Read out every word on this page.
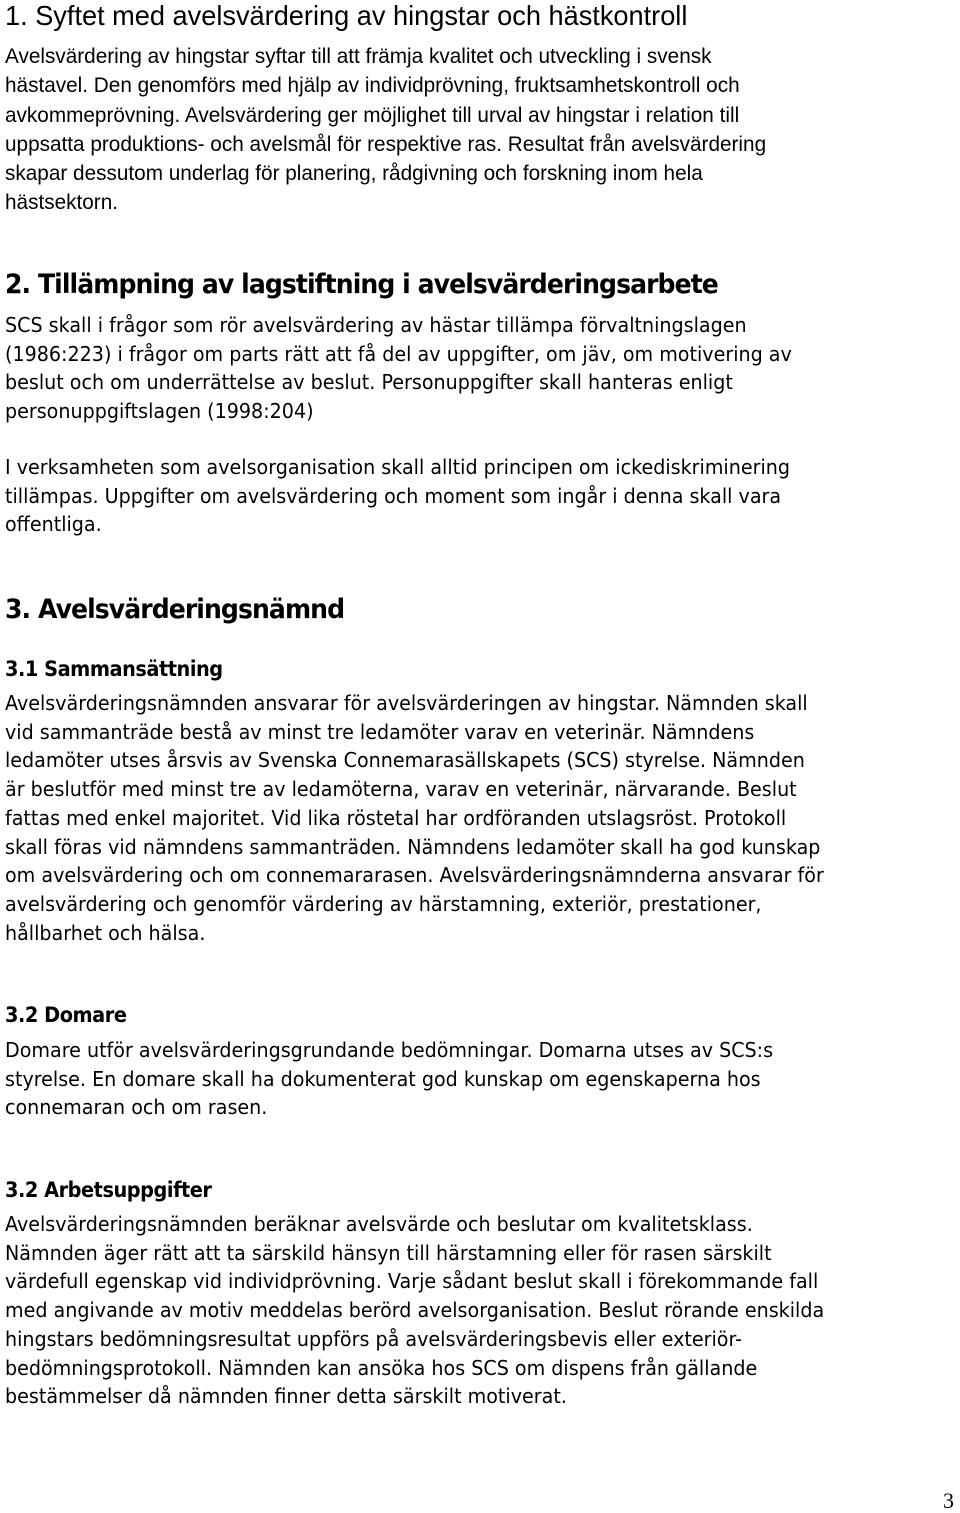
1. Syftet med avelsvärdering av hingstar och hästkontroll
Avelsvärdering av hingstar syftar till att främja kvalitet och utveckling i svensk
hästavel. Den genomförs med hjälp av individprövning, fruktsamhetskontroll och
avkommeprövning. Avelsvärdering ger möjlighet till urval av hingstar i relation till
uppsatta produktions- och avelsmål för respektive ras. Resultat från avelsvärdering
skapar dessutom underlag för planering, rådgivning och forskning inom hela
hästsektorn.
2. Tillämpning av lagstiftning i avelsvärderingsarbete
SCS skall i frågor som rör avelsvärdering av hästar tillämpa förvaltningslagen
(1986:223) i frågor om parts rätt att få del av uppgifter, om jäv, om motivering av
beslut och om underrättelse av beslut. Personuppgifter skall hanteras enligt
personuppgiftslagen (1998:204)
I verksamheten som avelsorganisation skall alltid principen om ickediskriminering
tillämpas. Uppgifter om avelsvärdering och moment som ingår i denna skall vara
offentliga.
3. Avelsvärderingsnämnd
3.1 Sammansättning
Avelsvärderingsnämnden ansvarar för avelsvärderingen av hingstar. Nämnden skall
vid sammanträde bestå av minst tre ledamöter varav en veterinär. Nämndens
ledamöter utses årsvis av Svenska Connemarasällskapets (SCS) styrelse. Nämnden
är beslutför med minst tre av ledamöterna, varav en veterinär, närvarande. Beslut
fattas med enkel majoritet. Vid lika röstetal har ordföranden utslagsröst. Protokoll
skall föras vid nämndens sammanträden. Nämndens ledamöter skall ha god kunskap
om avelsvärdering och om connemararasen. Avelsvärderingsnämnderna ansvarar för
avelsvärdering och genomför värdering av härstamning, exteriör, prestationer,
hållbarhet och hälsa.
3.2 Domare
Domare utför avelsvärderingsgrundande bedömningar. Domarna utses av SCS:s
styrelse. En domare skall ha dokumenterat god kunskap om egenskaperna hos
connemaran och om rasen.
3.2 Arbetsuppgifter
Avelsvärderingsnämnden beräknar avelsvärde och beslutar om kvalitetsklass.
Nämnden äger rätt att ta särskild hänsyn till härstamning eller för rasen särskilt
värdefull egenskap vid individprövning. Varje sådant beslut skall i förekommande fall
med angivande av motiv meddelas berörd avelsorganisation. Beslut rörande enskilda
hingstars bedömningsresultat uppförs på avelsvärderingsbevis eller exteriör-
bedömningsprotokoll. Nämnden kan ansöka hos SCS om dispens från gällande
bestämmelser då nämnden finner detta särskilt motiverat.
3
